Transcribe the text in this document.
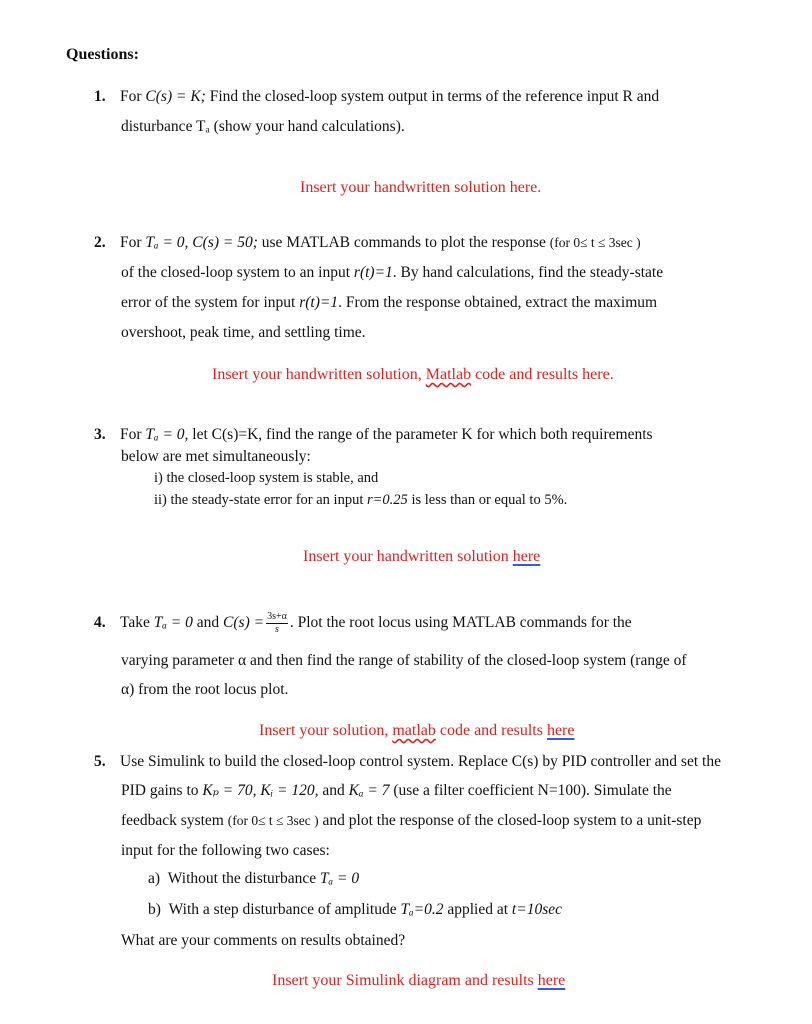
Questions:
1. For C(s) = K; Find the closed-loop system output in terms of the reference input R and
disturbance Tₐ (show your hand calculations).
Insert your handwritten solution here.
2. For Tₐ = 0, C(s) = 50; use MATLAB commands to plot the response (for 0≤ t ≤ 3sec )
of the closed-loop system to an input r(t)=1. By hand calculations, find the steady-state
error of the system for input r(t)=1. From the response obtained, extract the maximum
overshoot, peak time, and settling time.
Insert your handwritten solution, Matlab code and results here.
3. For Tₐ = 0, let C(s)=K, find the range of the parameter K for which both requirements
below are met simultaneously:
i) the closed-loop system is stable, and
ii) the steady-state error for an input r=0.25 is less than or equal to 5%.
Insert your handwritten solution here
4. Take Tₐ = 0 and $C(s) = \frac{3s+\alpha}{s}$ . Plot the root locus using MATLAB commands for the
varying parameter α and then find the range of stability of the closed-loop system (range of
α) from the root locus plot.
Insert your solution, matlab code and results here
5. Use Simulink to build the closed-loop control system. Replace C(s) by PID controller and set the
PID gains to Kₚ = 70, Kᵢ = 120, and Kₐ = 7 (use a filter coefficient N=100). Simulate the
feedback system (for 0≤ t ≤ 3sec ) and plot the response of the closed-loop system to a unit-step
input for the following two cases:
a) Without the disturbance Tₐ = 0
b) With a step disturbance of amplitude Tₐ=0.2 applied at t=10sec
What are your comments on results obtained?
Insert your Simulink diagram and results here
